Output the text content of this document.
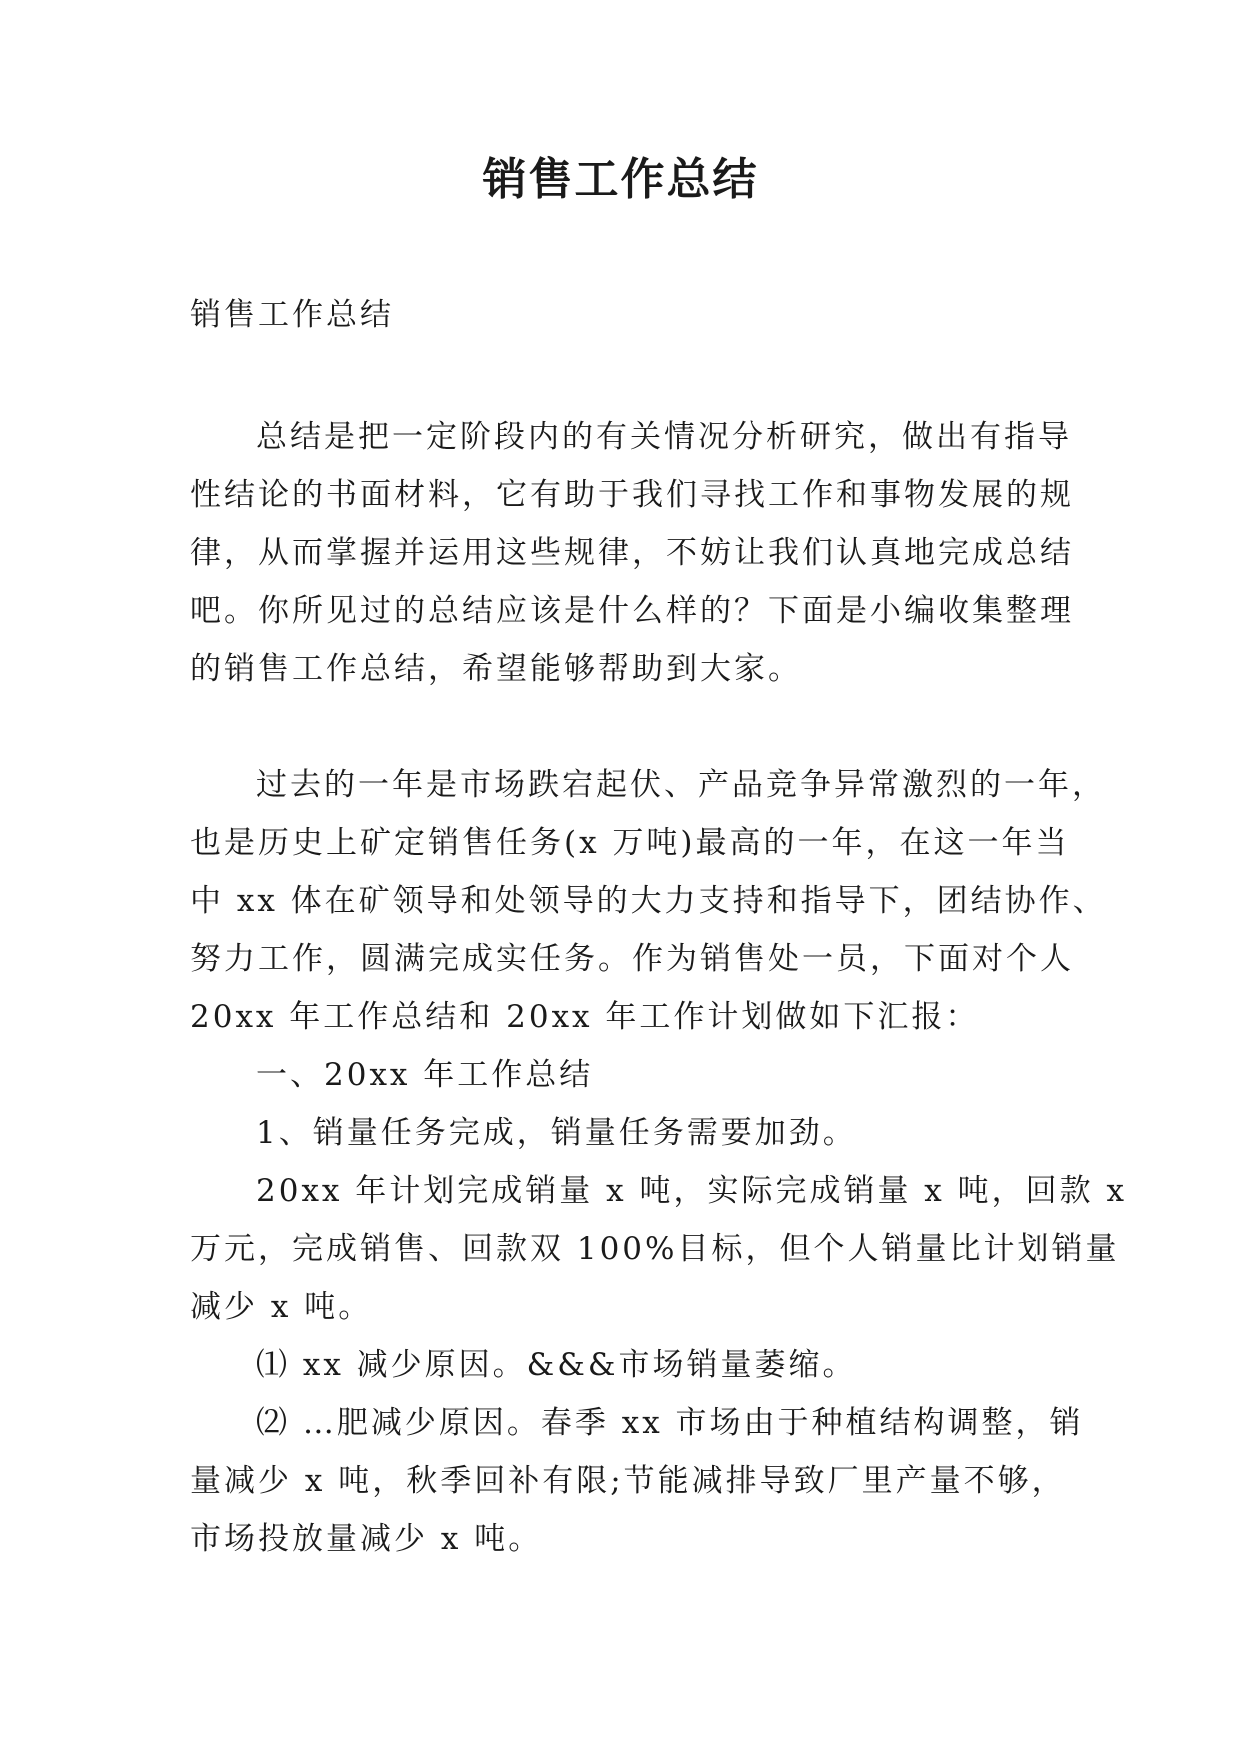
销售工作总结

销售工作总结

总结是把一定阶段内的有关情况分析研究，做出有指导
性结论的书面材料，它有助于我们寻找工作和事物发展的规
律，从而掌握并运用这些规律，不妨让我们认真地完成总结
吧。你所见过的总结应该是什么样的？下面是小编收集整理
的销售工作总结，希望能够帮助到大家。
过去的一年是市场跌宕起伏、产品竞争异常激烈的一年，
也是历史上矿定销售任务(x 万吨)最高的一年，在这一年当
中 xx 体在矿领导和处领导的大力支持和指导下，团结协作、
努力工作，圆满完成实任务。作为销售处一员，下面对个人
20xx 年工作总结和 20xx 年工作计划做如下汇报：
一、20xx 年工作总结
1、销量任务完成，销量任务需要加劲。
20xx 年计划完成销量 x 吨，实际完成销量 x 吨，回款 x
万元，完成销售、回款双 100%目标，但个人销量比计划销量
减少 x 吨。
⑴ xx 减少原因。&&&市场销量萎缩。
⑵ …肥减少原因。春季 xx 市场由于种植结构调整，销
量减少 x 吨，秋季回补有限;节能减排导致厂里产量不够，
市场投放量减少 x 吨。
